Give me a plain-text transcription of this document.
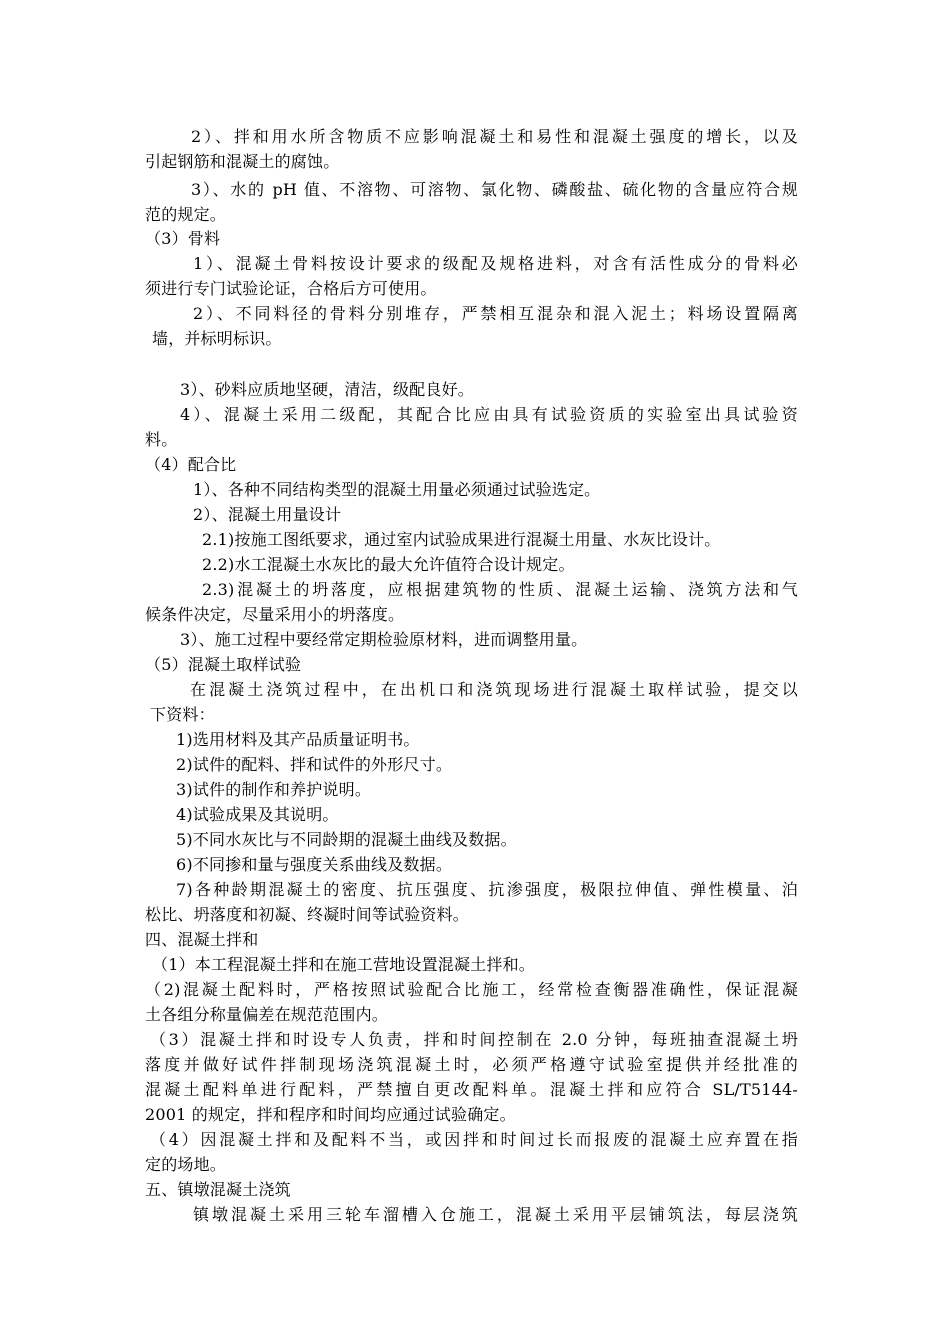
2）、拌和用水所含物质不应影响混凝土和易性和混凝土强度的增长，以及

引起钢筋和混凝土的腐蚀。

3）、水的 pH 值、不溶物、可溶物、氯化物、磷酸盐、硫化物的含量应符合规

范的规定。

（3）骨料

1）、混凝土骨料按设计要求的级配及规格进料，对含有活性成分的骨料必

须进行专门试验论证，合格后方可使用。

2）、不同料径的骨料分别堆存，严禁相互混杂和混入泥土；料场设置隔离

墙，并标明标识。

3）、砂料应质地坚硬，清洁，级配良好。

4）、混凝土采用二级配，其配合比应由具有试验资质的实验室出具试验资

料。

（4）配合比

1）、各种不同结构类型的混凝土用量必须通过试验选定。

2）、混凝土用量设计

2.1)按施工图纸要求，通过室内试验成果进行混凝土用量、水灰比设计。

2.2)水工混凝土水灰比的最大允许值符合设计规定。

2.3)混凝土的坍落度，应根据建筑物的性质、混凝土运输、浇筑方法和气

候条件决定，尽量采用小的坍落度。

3）、施工过程中要经常定期检验原材料，进而调整用量。

（5）混凝土取样试验

在混凝土浇筑过程中，在出机口和浇筑现场进行混凝土取样试验，提交以

下资料：

1)选用材料及其产品质量证明书。

2)试件的配料、拌和试件的外形尺寸。

3)试件的制作和养护说明。

4)试验成果及其说明。

5)不同水灰比与不同龄期的混凝土曲线及数据。

6)不同掺和量与强度关系曲线及数据。

7)各种龄期混凝土的密度、抗压强度、抗渗强度，极限拉伸值、弹性模量、泊

松比、坍落度和初凝、终凝时间等试验资料。

四、混凝土拌和

（1）本工程混凝土拌和在施工营地设置混凝土拌和。

（2)混凝土配料时，严格按照试验配合比施工，经常检查衡器准确性，保证混凝

土各组分称量偏差在规范范围内。

（3）混凝土拌和时设专人负责，拌和时间控制在 2.0 分钟，每班抽查混凝土坍

落度并做好试件拌制现场浇筑混凝土时，必须严格遵守试验室提供并经批准的

混凝土配料单进行配料，严禁擅自更改配料单。混凝土拌和应符合 SL/T5144-

2001 的规定，拌和程序和时间均应通过试验确定。

（4）因混凝土拌和及配料不当，或因拌和时间过长而报废的混凝土应弃置在指

定的场地。

五、镇墩混凝土浇筑

镇墩混凝土采用三轮车溜槽入仓施工，混凝土采用平层铺筑法，每层浇筑
